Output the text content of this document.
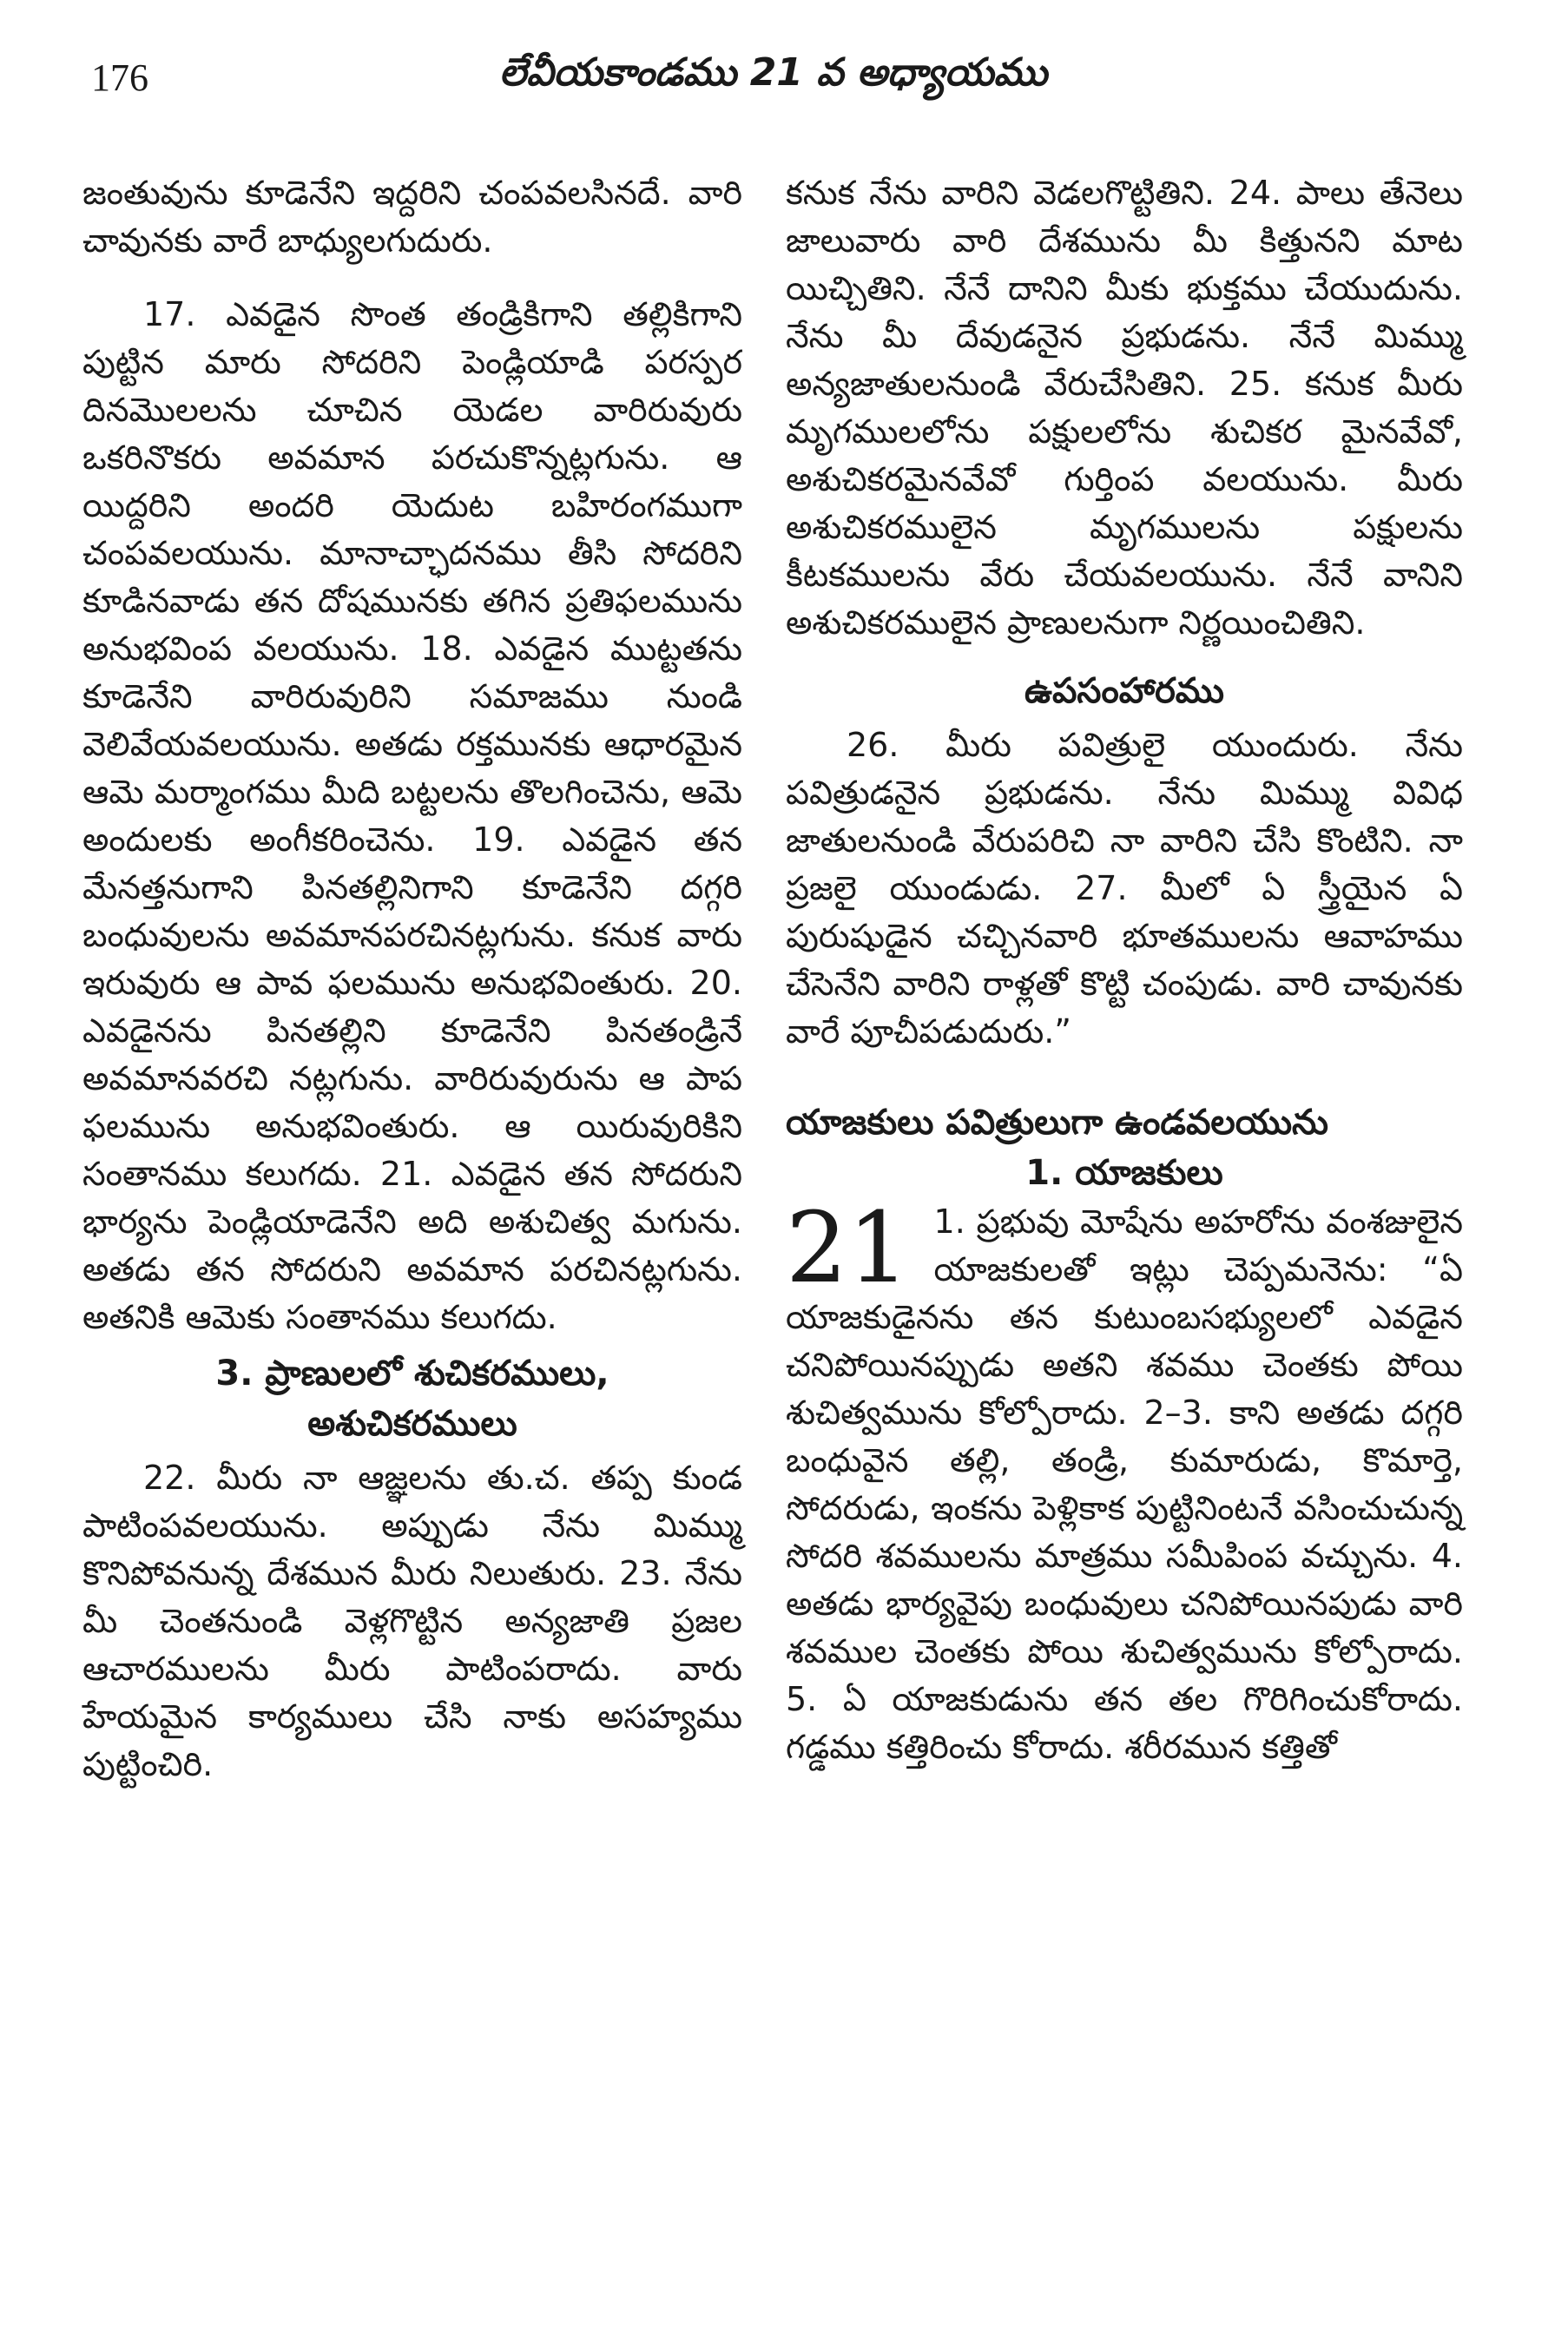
176	లేవీయకాండము 21 వ అధ్యాయము

జంతువును కూడెనేని ఇద్దరిని చంపవలసినదే. వారి చావునకు వారే బాధ్యులగుదురు.

17. ఎవడైన సొంత తండ్రికిగాని తల్లికిగాని పుట్టిన మారు సోదరిని పెండ్లియాడి పరస్పర దినమొలలను చూచిన యెడల వారిరువురు ఒకరినొకరు అవమాన పరచుకొన్నట్లగును. ఆ యిద్దరిని అందరి యెదుట బహిరంగముగా చంపవలయును. మానాచ్ఛాదనము తీసి సోదరిని కూడినవాడు తన దోషమునకు తగిన ప్రతిఫలమును అనుభవింప వలయును. 18. ఎవడైన ముట్టతను కూడెనేని వారిరువురిని సమాజము నుండి వెలివేయవలయును. అతడు రక్తమునకు ఆధారమైన ఆమె మర్మాంగము మీది బట్టలను తొలగించెను, ఆమె అందులకు అంగీకరించెను. 19. ఎవడైన తన మేనత్తనుగాని పినతల్లినిగాని కూడెనేని దగ్గరి బంధువులను అవమానపరచినట్లగును. కనుక వారు ఇరువురు ఆ పావ ఫలమును అనుభవింతురు. 20. ఎవడైనను పినతల్లిని కూడెనేని పినతండ్రినే అవమానవరచి నట్లగును. వారిరువురును ఆ పాప ఫలమును అనుభవింతురు. ఆ యిరువురికిని సంతానము కలుగదు. 21. ఎవడైన తన సోదరుని భార్యను పెండ్లియాడెనేని అది అశుచిత్వ మగును. అతడు తన సోదరుని అవమాన పరచినట్లగును. అతనికి ఆమెకు సంతానము కలుగదు.

3. ప్రాణులలో శుచికరములు,
అశుచికరములు

22. మీరు నా ఆజ్ఞలను తు.చ. తప్ప కుండ పాటింపవలయును. అప్పుడు నేను మిమ్ము కొనిపోవనున్న దేశమున మీరు నిలుతురు. 23. నేను మీ చెంతనుండి వెళ్లగొట్టిన అన్యజాతి ప్రజల ఆచారములను మీరు పాటింపరాదు. వారు హేయమైన కార్యములు చేసి నాకు అసహ్యము పుట్టించిరి.

కనుక నేను వారిని వెడలగొట్టితిని. 24. పాలు తేనెలు జాలువారు వారి దేశమును మీ కిత్తునని మాట యిచ్చితిని. నేనే దానిని మీకు భుక్తము చేయుదును. నేను మీ దేవుడనైన ప్రభుడను. నేనే మిమ్ము అన్యజాతులనుండి వేరుచేసితిని. 25. కనుక మీరు మృగములలోను పక్షులలోను శుచికర మైనవేవో, అశుచికరమైనవేవో గుర్తింప వలయును. మీరు అశుచికరములైన మృగములను పక్షులను కీటకములను వేరు చేయవలయును. నేనే వానిని అశుచికరములైన ప్రాణులనుగా నిర్ణయించితిని.

ఉపసంహారము

26. మీరు పవిత్రులై యుందురు. నేను పవిత్రుడనైన ప్రభుడను. నేను మిమ్ము వివిధ జాతులనుండి వేరుపరిచి నా వారిని చేసి కొంటిని. నా ప్రజలై యుండుడు. 27. మీలో ఏ స్త్రీయైన ఏ పురుషుడైన చచ్చినవారి భూతములను ఆవాహము చేసెనేని వారిని రాళ్లతో కొట్టి చంపుడు. వారి చావునకు వారే పూచీపడుదురు.”

యాజకులు పవిత్రులుగా ఉండవలయును
1. యాజకులు

21 1. ప్రభువు మోషేను అహరోను వంశజులైన యాజకులతో ఇట్లు చెప్పమనెను: “ఏ యాజకుడైనను తన కుటుంబసభ్యులలో ఎవడైన చనిపోయినప్పుడు అతని శవము చెంతకు పోయి శుచిత్వమును కోల్పోరాదు. 2–3. కాని అతడు దగ్గరి బంధువైన తల్లి, తండ్రి, కుమారుడు, కొమార్తె, సోదరుడు, ఇంకను పెళ్లికాక పుట్టినింటనే వసించుచున్న సోదరి శవములను మాత్రము సమీపింప వచ్చును. 4. అతడు భార్యవైపు బంధువులు చనిపోయినపుడు వారి శవముల చెంతకు పోయి శుచిత్వమును కోల్పోరాదు. 5. ఏ యాజకుడును తన తల గొరిగించుకోరాదు. గడ్డము కత్తిరించు కోరాదు. శరీరమున కత్తితో
